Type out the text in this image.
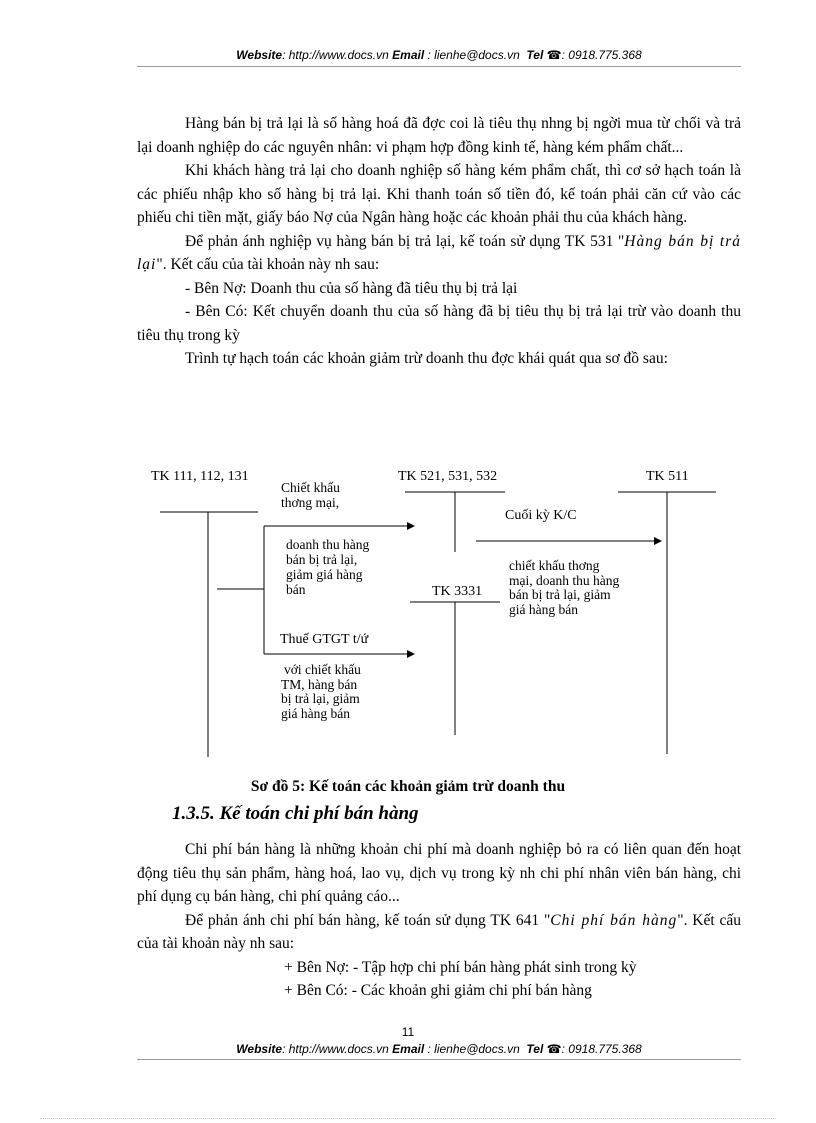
Website: http://www.docs.vn Email : lienhe@docs.vn Tel ☎: 0918.775.368
Hàng bán bị trả lại là số hàng hoá đã đợc coi là tiêu thụ nhng bị ngời mua từ chối và trả lại doanh nghiệp do các nguyên nhân: vi phạm hợp đồng kinh tế, hàng kém phẩm chất...
Khi khách hàng trả lại cho doanh nghiệp số hàng kém phẩm chất, thì cơ sở hạch toán là các phiếu nhập kho số hàng bị trả lại. Khi thanh toán số tiền đó, kế toán phải căn cứ vào các phiếu chi tiền mặt, giấy báo Nợ của Ngân hàng hoặc các khoản phải thu của khách hàng.
Để phản ánh nghiệp vụ hàng bán bị trả lại, kế toán sử dụng TK 531 "Hàng bán bị trả lại". Kết cấu của tài khoản này nh sau:
- Bên Nợ: Doanh thu của số hàng đã tiêu thụ bị trả lại
- Bên Có: Kết chuyển doanh thu của số hàng đã bị tiêu thụ bị trả lại trừ vào doanh thu tiêu thụ trong kỳ
Trình tự hạch toán các khoản giảm trừ doanh thu đợc khái quát qua sơ đồ sau:
TK 111, 112, 131	TK 521, 531, 532	TK 511
TK 3331
Chiết khấu
thơng mại,
doanh thu hàng
bán bị trả lại,
giảm giá hàng
bán
Cuối kỳ K/C
chiết khấu thơng
mại, doanh thu hàng
bán bị trả lại, giảm
giá hàng bán
Thuế GTGT t/ứ
với chiết khấu
TM, hàng bán
bị trả lại, giảm
giá hàng bán
Sơ đồ 5: Kế toán các khoản giảm trừ doanh thu
1.3.5. Kế toán chi phí bán hàng
Chi phí bán hàng là những khoản chi phí mà doanh nghiệp bỏ ra có liên quan đến hoạt động tiêu thụ sản phẩm, hàng hoá, lao vụ, dịch vụ trong kỳ nh chi phí nhân viên bán hàng, chi phí dụng cụ bán hàng, chi phí quảng cáo...
Để phản ánh chi phí bán hàng, kế toán sử dụng TK 641 "Chi phí bán hàng". Kết cấu của tài khoản này nh sau:
+ Bên Nợ: - Tập hợp chi phí bán hàng phát sinh trong kỳ
+ Bên Có: - Các khoản ghi giảm chi phí bán hàng
11
Website: http://www.docs.vn Email : lienhe@docs.vn Tel ☎: 0918.775.368
